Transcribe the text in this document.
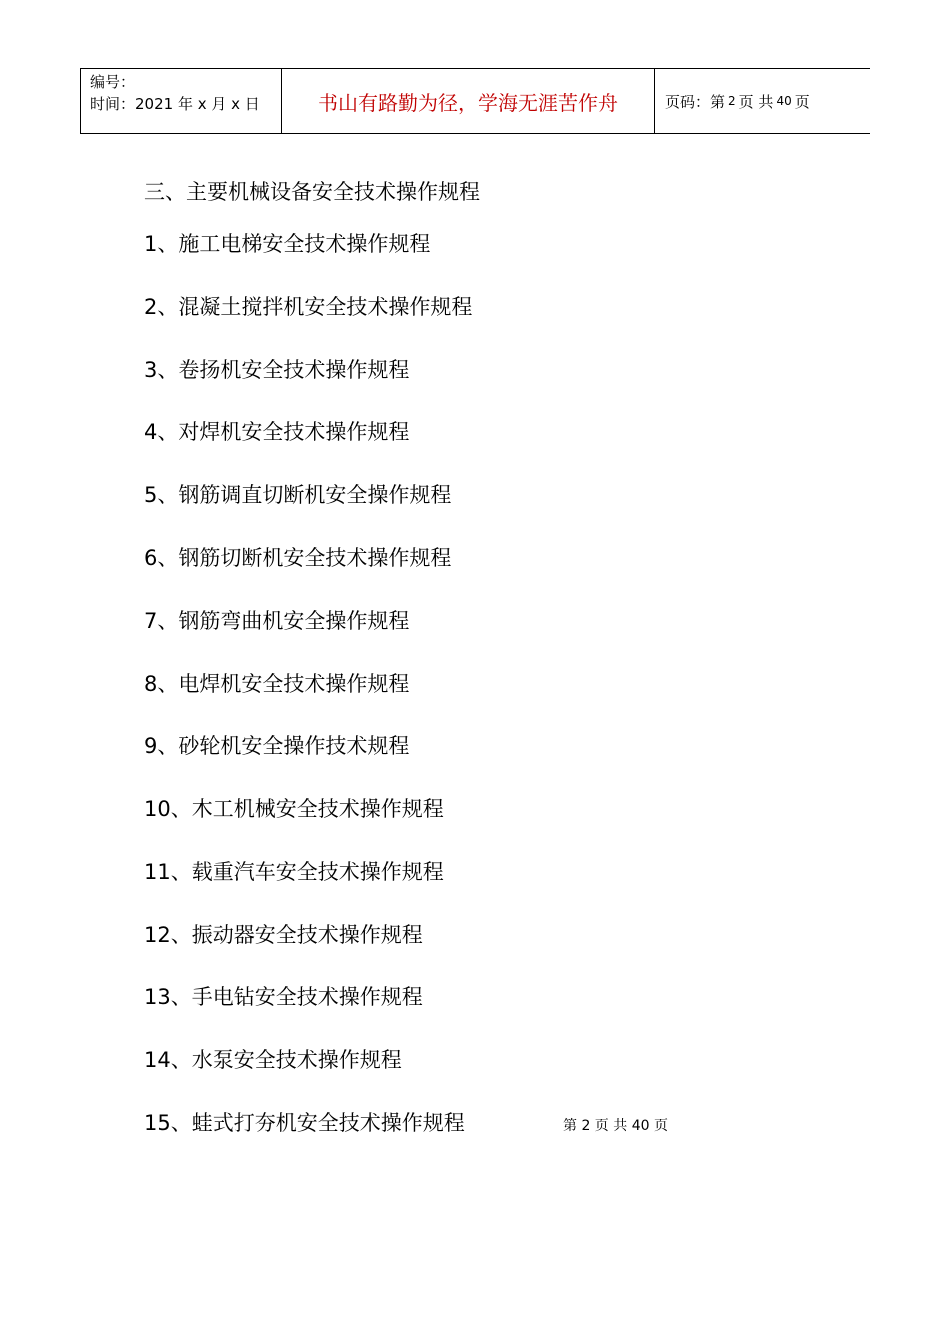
编号：
时间：2021 年 x 月 x 日	书山有路勤为径，学海无涯苦作舟	页码：第 2 页 共 40 页
三、主要机械设备安全技术操作规程
1、施工电梯安全技术操作规程
2、混凝土搅拌机安全技术操作规程
3、卷扬机安全技术操作规程
4、对焊机安全技术操作规程
5、钢筋调直切断机安全操作规程
6、钢筋切断机安全技术操作规程
7、钢筋弯曲机安全操作规程
8、电焊机安全技术操作规程
9、砂轮机安全操作技术规程
10、木工机械安全技术操作规程
11、载重汽车安全技术操作规程
12、振动器安全技术操作规程
13、手电钻安全技术操作规程
14、水泵安全技术操作规程
15、蛙式打夯机安全技术操作规程	第 2 页 共 40 页
